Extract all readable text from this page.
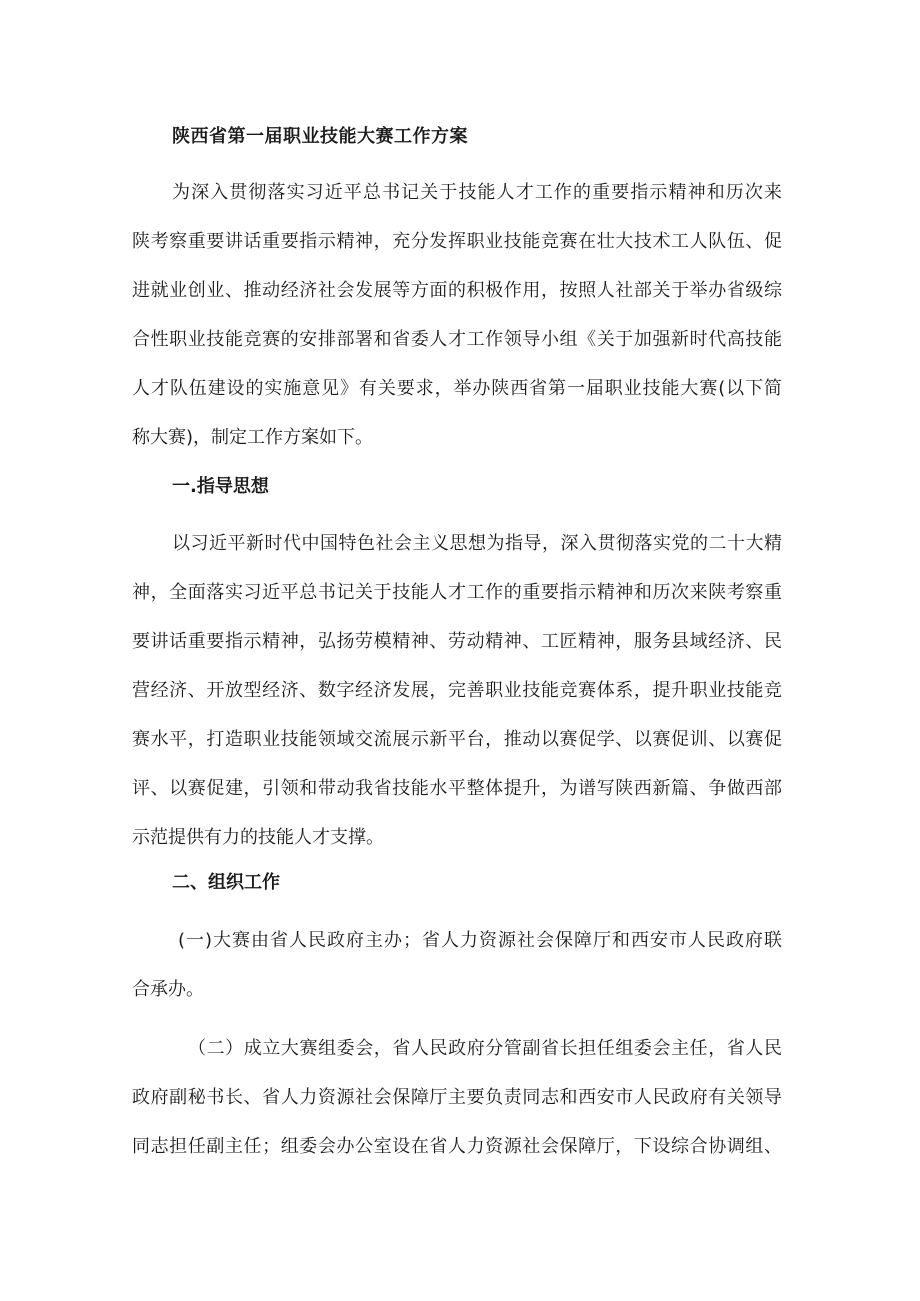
陕西省第一届职业技能大赛工作方案
为深入贯彻落实习近平总书记关于技能人才工作的重要指示精神和历次来
陕考察重要讲话重要指示精神，充分发挥职业技能竞赛在壮大技术工人队伍、促
进就业创业、推动经济社会发展等方面的积极作用，按照人社部关于举办省级综
合性职业技能竞赛的安排部署和省委人才工作领导小组《关于加强新时代高技能
人才队伍建设的实施意见》有关要求，举办陕西省第一届职业技能大赛(以下简
称大赛)，制定工作方案如下。
一.指导思想
以习近平新时代中国特色社会主义思想为指导，深入贯彻落实党的二十大精
神，全面落实习近平总书记关于技能人才工作的重要指示精神和历次来陕考察重
要讲话重要指示精神，弘扬劳模精神、劳动精神、工匠精神，服务县域经济、民
营经济、开放型经济、数字经济发展，完善职业技能竞赛体系，提升职业技能竞
赛水平，打造职业技能领域交流展示新平台，推动以赛促学、以赛促训、以赛促
评、以赛促建，引领和带动我省技能水平整体提升，为谱写陕西新篇、争做西部
示范提供有力的技能人才支撑。
二、组织工作
(一)大赛由省人民政府主办；省人力资源社会保障厅和西安市人民政府联
合承办。
（二）成立大赛组委会，省人民政府分管副省长担任组委会主任，省人民
政府副秘书长、省人力资源社会保障厅主要负责同志和西安市人民政府有关领导
同志担任副主任；组委会办公室设在省人力资源社会保障厅，下设综合协调组、
